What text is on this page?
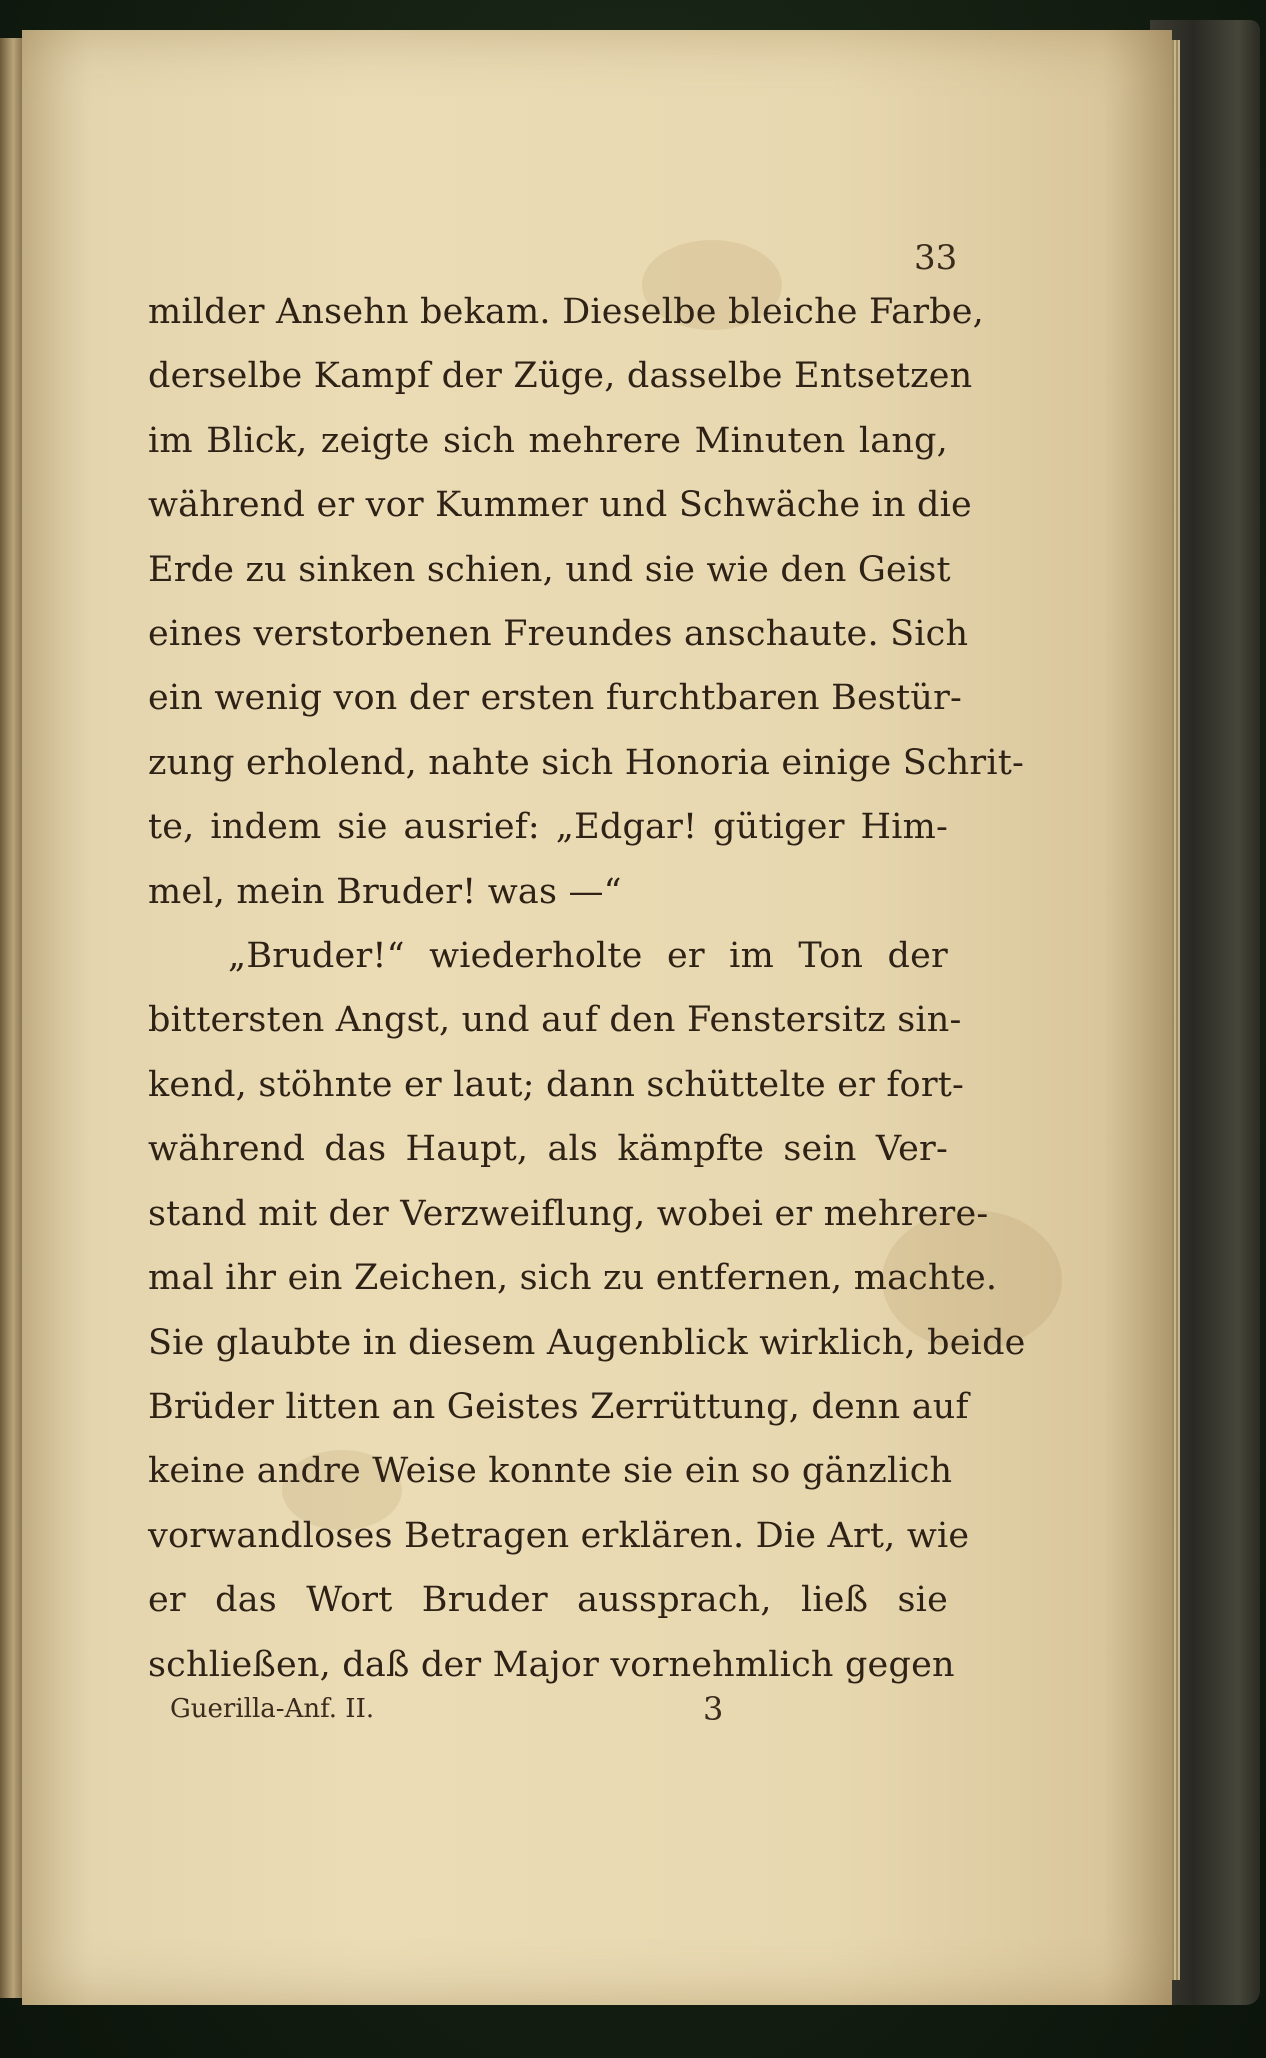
33
milder Ansehn bekam. Dieselbe bleiche Farbe,
derselbe Kampf der Züge, dasselbe Entsetzen
im Blick, zeigte sich mehrere Minuten lang,
während er vor Kummer und Schwäche in die
Erde zu sinken schien, und sie wie den Geist
eines verstorbenen Freundes anschaute. Sich
ein wenig von der ersten furchtbaren Bestür-
zung erholend, nahte sich Honoria einige Schrit-
te, indem sie ausrief: „Edgar! gütiger Him-
mel, mein Bruder! was —“
„Bruder!“ wiederholte er im Ton der
bittersten Angst, und auf den Fenstersitz sin-
kend, stöhnte er laut; dann schüttelte er fort-
während das Haupt, als kämpfte sein Ver-
stand mit der Verzweiflung, wobei er mehrere-
mal ihr ein Zeichen, sich zu entfernen, machte.
Sie glaubte in diesem Augenblick wirklich, beide
Brüder litten an Geistes Zerrüttung, denn auf
keine andre Weise konnte sie ein so gänzlich
vorwandloses Betragen erklären. Die Art, wie
er das Wort Bruder aussprach, ließ sie
schließen, daß der Major vornehmlich gegen
Guerilla-Anf. II.	3
